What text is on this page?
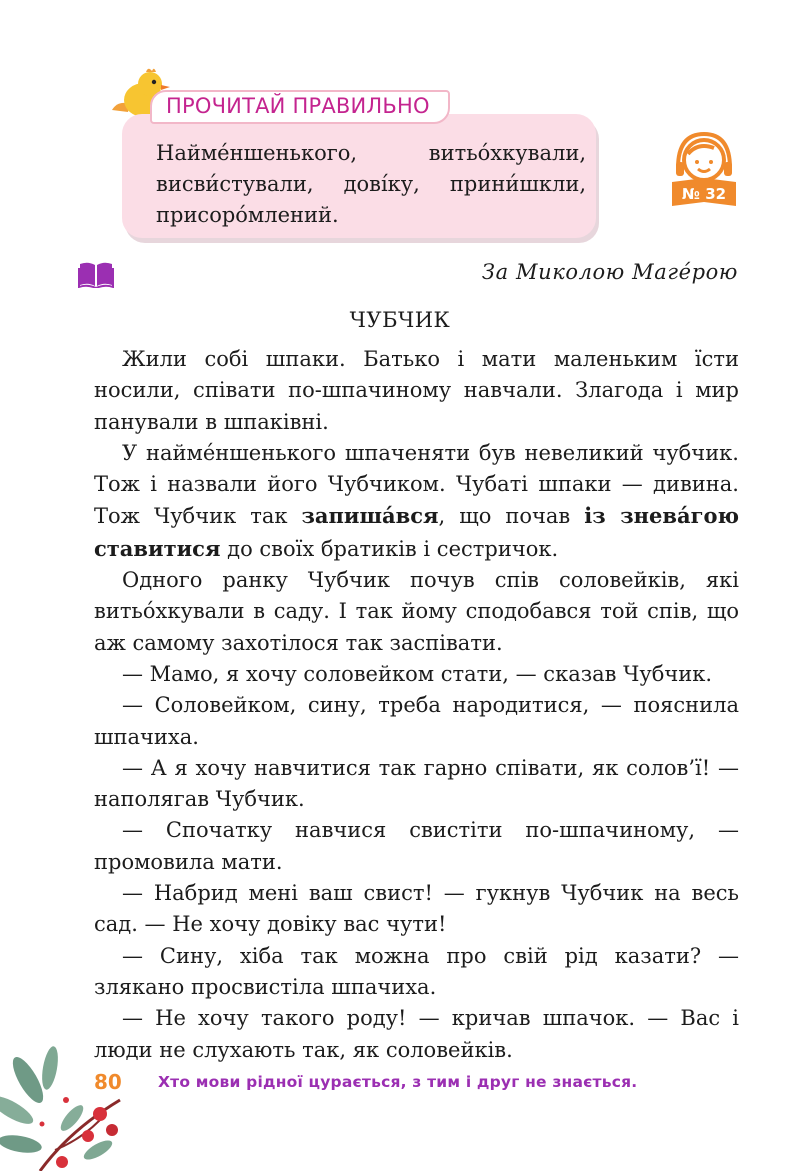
ПРОЧИТАЙ ПРАВИЛЬНО
Наймéншенького, витьóхкували, висви́стували, довíку, прини́шкли, присорóмлений.
№ 32
За Миколою Магéрою
ЧУБЧИК

Жили собі шпаки. Батько і мати маленьким їсти носили, співати по-шпачиному навчали. Злагода і мир панували в шпаківні.

У наймéншенького шпаченяти був невеликий чубчик. Тож і назвали його Чубчиком. Чубаті шпаки — дивина. Тож Чубчик так запишáвся, що почав із зневáгою ставитися до своїх братиків і сестричок.

Одного ранку Чубчик почув спів соловейків, які витьóхкували в саду. І так йому сподобався той спів, що аж самому захотілося так заспівати.

— Мамо, я хочу соловейком стати, — сказав Чубчик.

— Соловейком, сину, треба народитися, — пояснила шпачиха.

— А я хочу навчитися так гарно співати, як солов’ї! — наполягав Чубчик.

— Спочатку навчися свистіти по-шпачиному, — промовила мати.

— Набрид мені ваш свист! — гукнув Чубчик на весь сад. — Не хочу довіку вас чути!

— Сину, хіба так можна про свій рід казати? — злякано просвистіла шпачиха.

— Не хочу такого роду! — кричав шпачок. — Вас і люди не слухають так, як соловейків.

80 Хто мови рідної цурається, з тим і друг не знається.
